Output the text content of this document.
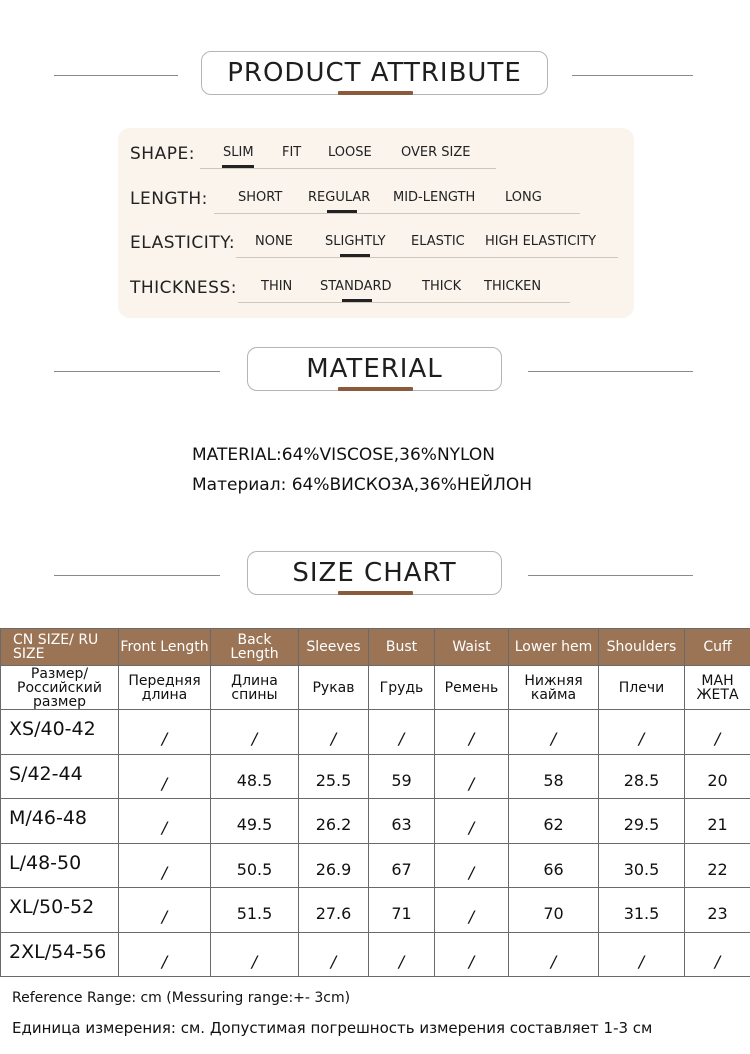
PRODUCT ATTRIBUTE
SHAPE: SLIM FIT LOOSE OVER SIZE
LENGTH: SHORT REGULAR MID-LENGTH LONG
ELASTICITY: NONE SLIGHTLY ELASTIC HIGH ELASTICITY
THICKNESS: THIN STANDARD THICK THICKEN
MATERIAL
MATERIAL:64%VISCOSE,36%NYLON
Материал: 64%ВИСКОЗА,36%НЕЙЛОН
SIZE CHART
CN SIZE/ RU SIZE	Front Length	Back Length	Sleeves	Bust	Waist	Lower hem	Shoulders	Cuff
Размер/ Российский размер	Передняя длина	Длина спины	Рукав	Грудь	Ремень	Нижняя кайма	Плечи	МАН ЖЕТА
XS/40-42	/	/	/	/	/	/	/	/
S/42-44	/	48.5	25.5	59	/	58	28.5	20
M/46-48	/	49.5	26.2	63	/	62	29.5	21
L/48-50	/	50.5	26.9	67	/	66	30.5	22
XL/50-52	/	51.5	27.6	71	/	70	31.5	23
2XL/54-56	/	/	/	/	/	/	/	/
Reference Range: cm (Messuring range:+- 3cm)
Единица измерения: см. Допустимая погрешность измерения составляет 1-3 см
